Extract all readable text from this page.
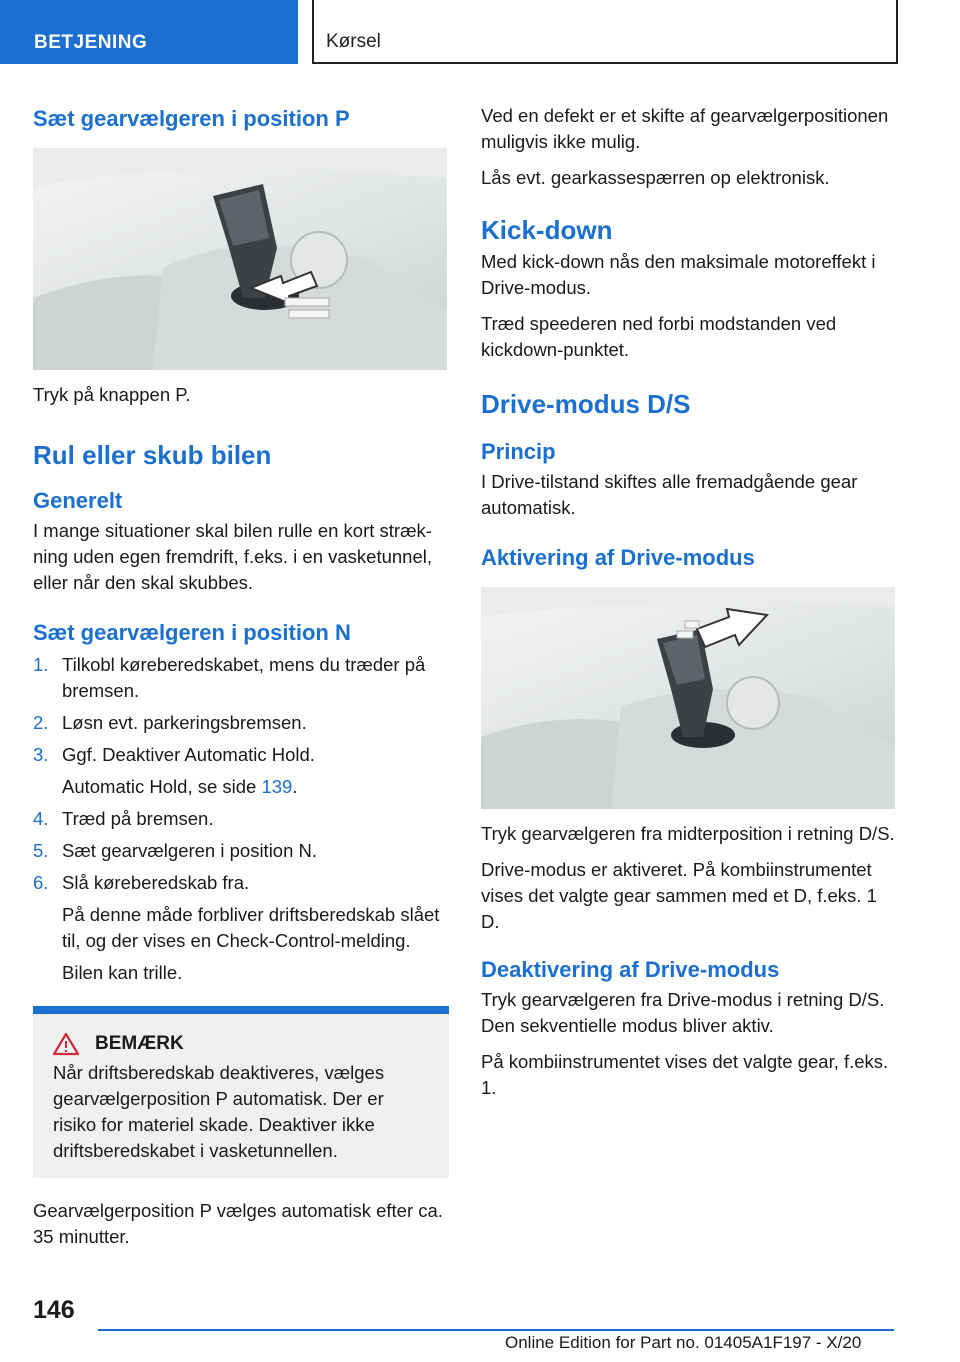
BETJENING	Kørsel
Sæt gearvælgeren i position P

Tryk på knappen P.

Rul eller skub bilen
Generelt

I mange situationer skal bilen rulle en kort strækning uden egen fremdrift, f.eks. i en vasketunnel, eller når den skal skubbes.

Sæt gearvælgeren i position N
1. Tilkobl køreberedskabet, mens du træder på bremsen.
2. Løsn evt. parkeringsbremsen.
3. Ggf. Deaktiver Automatic Hold.
Automatic Hold, se side 139.
4. Træd på bremsen.
5. Sæt gearvælgeren i position N.
6. Slå køreberedskab fra.
På denne måde forbliver driftsberedskab slået til, og der vises en Check-Control-melding.
Bilen kan trille.
BEMÆRK

Når driftsberedskab deaktiveres, vælges gearvælgerposition P automatisk. Der er risiko for materiel skade. Deaktiver ikke driftsberedskabet i vasketunnellen.

Gearvælgerposition P vælges automatisk efter ca. 35 minutter.

Ved en defekt er et skifte af gearvælgerpositionen muligvis ikke mulig.

Lås evt. gearkassespærren op elektronisk.

Kick-down

Med kick-down nås den maksimale motoreffekt i Drive-modus.

Træd speederen ned forbi modstanden ved kickdown-punktet.

Drive-modus D/S
Princip

I Drive-tilstand skiftes alle fremadgående gear automatisk.

Aktivering af Drive-modus

Tryk gearvælgeren fra midterposition i retning D/S.

Drive-modus er aktiveret. På kombiinstrumentet vises det valgte gear sammen med et D, f.eks. 1 D.

Deaktivering af Drive-modus

Tryk gearvælgeren fra Drive-modus i retning D/S. Den sekventielle modus bliver aktiv.

På kombiinstrumentet vises det valgte gear, f.eks. 1.

146
Online Edition for Part no. 01405A1F197 - X/20
